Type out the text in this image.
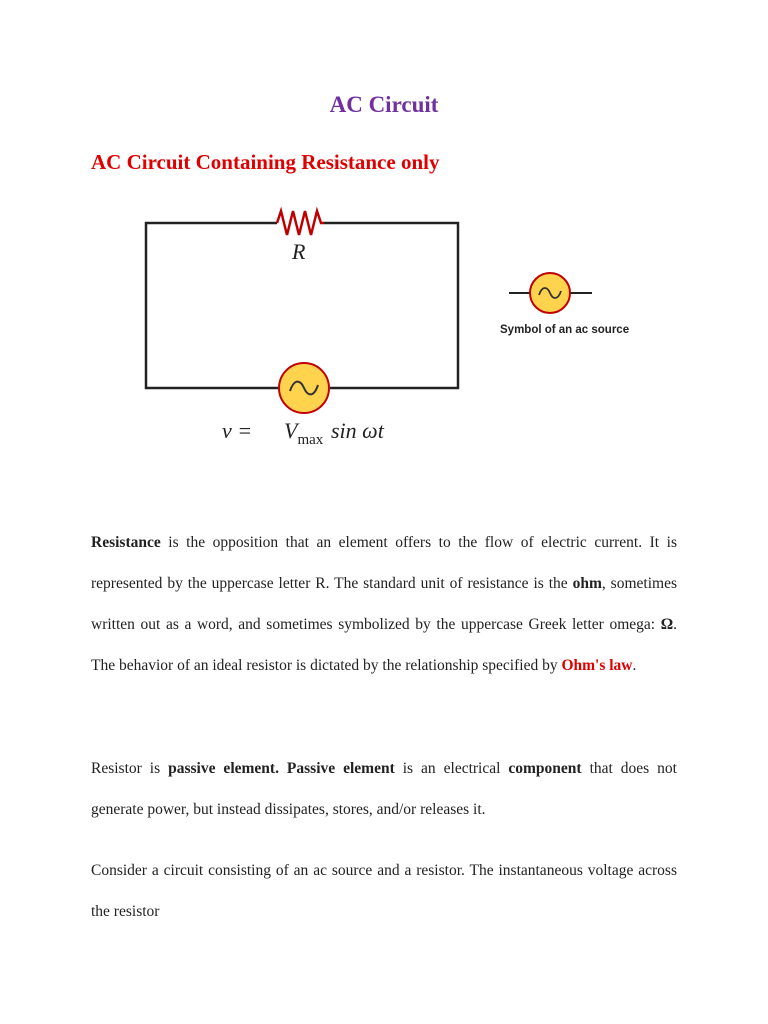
AC Circuit
AC Circuit Containing Resistance only
R
$v = V_{max}$ sin ωt
Symbol of an ac source

Resistance is the opposition that an element offers to the flow of electric current. It is represented by the uppercase letter R. The standard unit of resistance is the ohm, sometimes written out as a word, and sometimes symbolized by the uppercase Greek letter omega: Ω. The behavior of an ideal resistor is dictated by the relationship specified by Ohm's law.

Resistor is passive element. Passive element is an electrical component that does not generate power, but instead dissipates, stores, and/or releases it.

Consider a circuit consisting of an ac source and a resistor. The instantaneous voltage across the resistor
